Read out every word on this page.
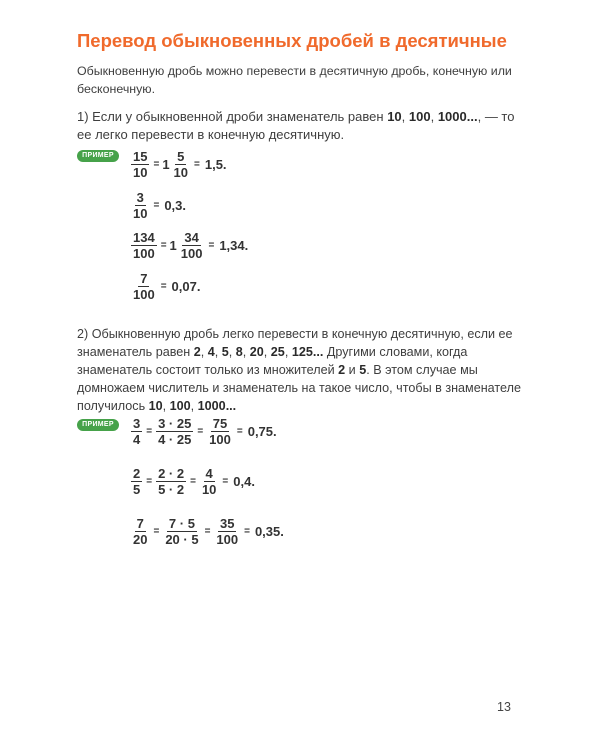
Перевод обыкновенных дробей в десятичные
Обыкновенную дробь можно перевести в десятичную дробь, конечную или бесконечную.
1) Если у обыкновенной дроби знаменатель равен 10, 100, 1000..., — то ее легко перевести в конечную десятичную.
ПРИМЕР	$\frac{15}{10} = 1 \frac{5}{10} = 1,5$.
$\frac{3}{10} = 0,3$.
$\frac{134}{100} = 1 \frac{34}{100} = 1,34$.
$\frac{7}{100} = 0,07$.
2) Обыкновенную дробь легко перевести в конечную десятичную, если ее знаменатель равен 2, 4, 5, 8, 20, 25, 125... Другими словами, когда знаменатель состоит только из множителей 2 и 5. В этом случае мы домножаем числитель и знаменатель на такое число, чтобы в знаменателе получилось 10, 100, 1000...
ПРИМЕР	$\frac{3}{4} = \frac{3 \cdot 25}{4 \cdot 25} = \frac{75}{100} = 0,75$.
$\frac{2}{5} = \frac{2 \cdot 2}{5 \cdot 2} = \frac{4}{10} = 0,4$.
$\frac{7}{20} = \frac{7 \cdot 5}{20 \cdot 5} = \frac{35}{100} = 0,35$.
13
